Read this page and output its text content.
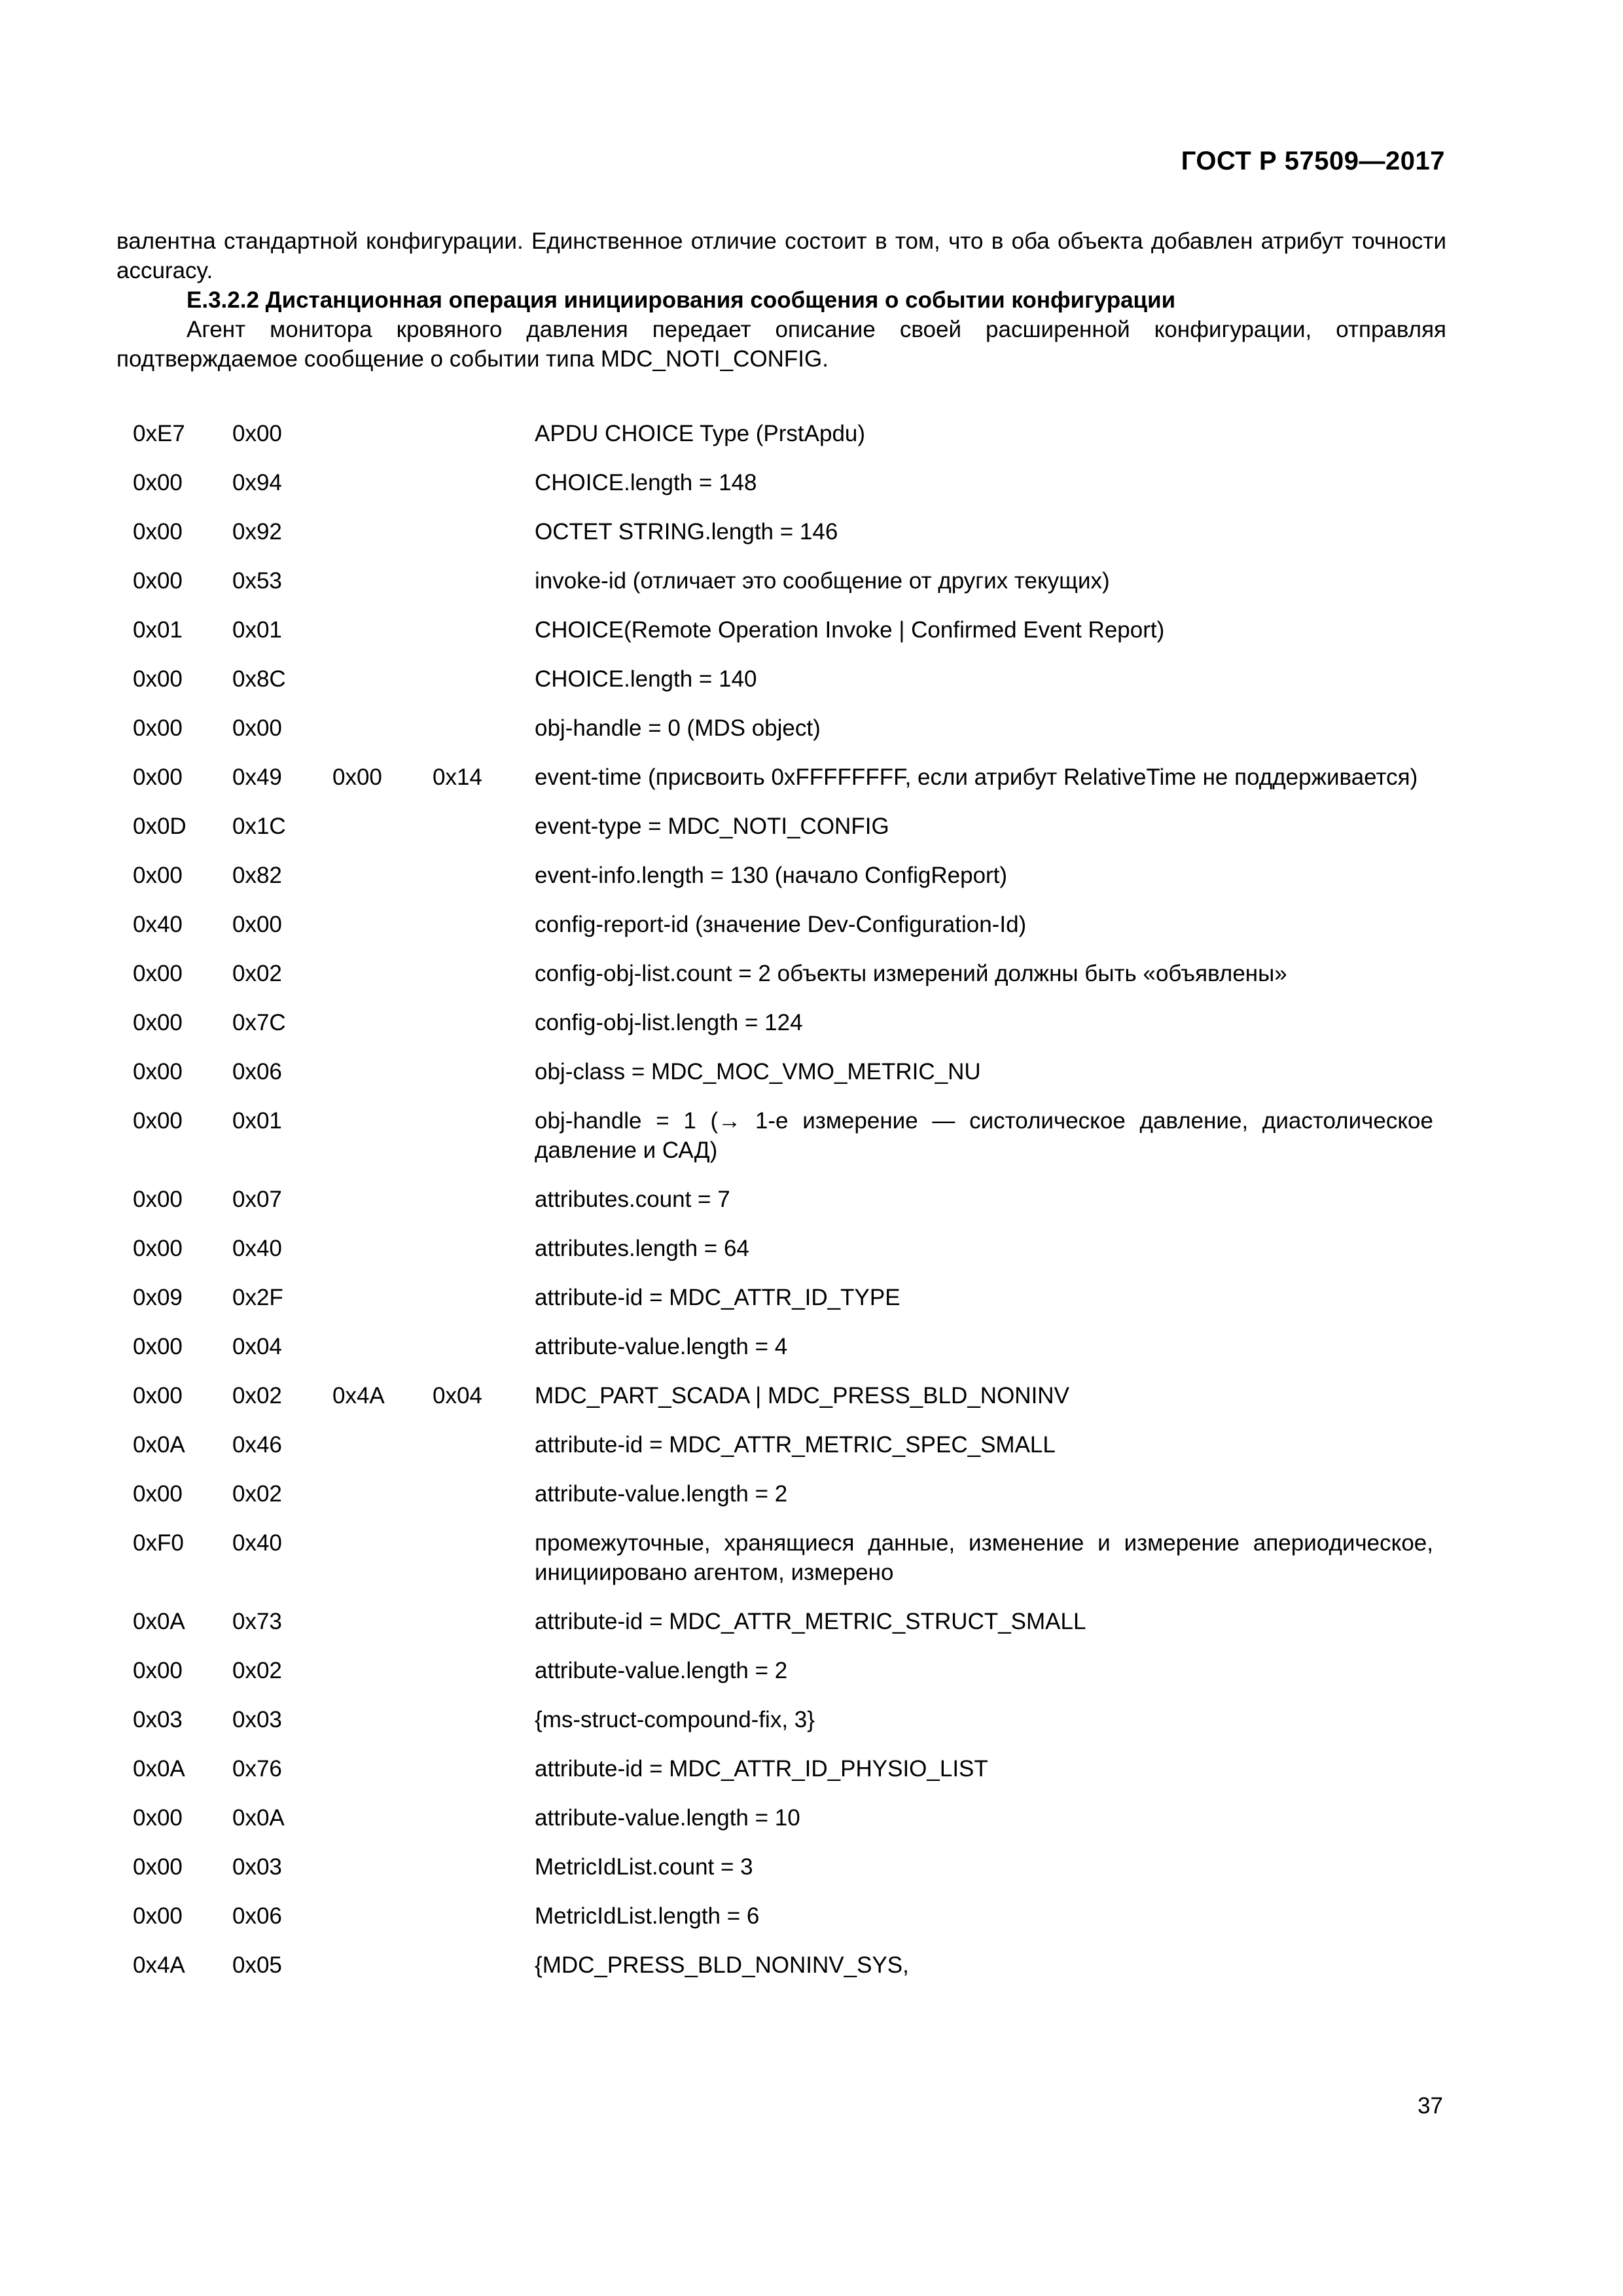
ГОСТ Р 57509—2017

валентна стандартной конфигурации. Единственное отличие состоит в том, что в оба объекта добавлен атрибут точности accuracy.

Е.3.2.2 Дистанционная операция инициирования сообщения о событии конфигурации

Агент монитора кровяного давления передает описание своей расширенной конфигурации, отправляя подтверждаемое сообщение о событии типа MDC_NOTI_CONFIG.

	0xE7	0x00			APDU CHOICE Type (PrstApdu)
	0x00	0x94			CHOICE.length = 148
	0x00	0x92			OCTET STRING.length = 146
	0x00	0x53			invoke-id (отличает это сообщение от других текущих)
	0x01	0x01			CHOICE(Remote Operation Invoke | Confirmed Event Report)
	0x00	0x8C			CHOICE.length = 140
	0x00	0x00			obj-handle = 0 (MDS object)
	0x00	0x49	0x00	0x14	event-time (присвоить 0xFFFFFFFF, если атрибут RelativeTime не поддерживается)
	0x0D	0x1C			event-type = MDC_NOTI_CONFIG
	0x00	0x82			event-info.length = 130 (начало ConfigReport)
	0x40	0x00			config-report-id (значение Dev-Configuration-Id)
	0x00	0x02			config-obj-list.count = 2 объекты измерений должны быть «объявлены»
	0x00	0x7C			config-obj-list.length = 124
	0x00	0x06			obj-class = MDC_MOC_VMO_METRIC_NU
	0x00	0x01			obj-handle = 1 (→ 1-е измерение — систолическое давление, диастолическое давление и САД)
	0x00	0x07			attributes.count = 7
	0x00	0x40			attributes.length = 64
	0x09	0x2F			attribute-id = MDC_ATTR_ID_TYPE
	0x00	0x04			attribute-value.length = 4
	0x00	0x02	0x4A	0x04	MDC_PART_SCADA | MDC_PRESS_BLD_NONINV
	0x0A	0x46			attribute-id = MDC_ATTR_METRIC_SPEC_SMALL
	0x00	0x02			attribute-value.length = 2
	0xF0	0x40			промежуточные, хранящиеся данные, изменение и измерение апериодическое, инициировано агентом, измерено
	0x0A	0x73			attribute-id = MDC_ATTR_METRIC_STRUCT_SMALL
	0x00	0x02			attribute-value.length = 2
	0x03	0x03			{ms-struct-compound-fix, 3}
	0x0A	0x76			attribute-id = MDC_ATTR_ID_PHYSIO_LIST
	0x00	0x0A			attribute-value.length = 10
	0x00	0x03			MetricIdList.count = 3
	0x00	0x06			MetricIdList.length = 6
	0x4A	0x05			{MDC_PRESS_BLD_NONINV_SYS,
37
